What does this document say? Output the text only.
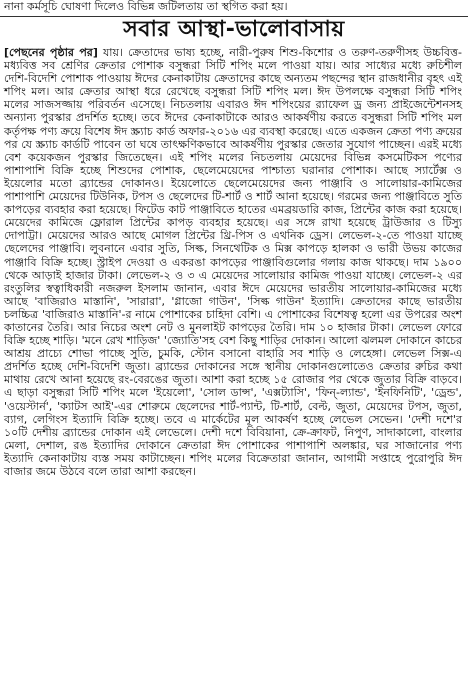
নানা কর্মসূচি ঘোষণা দিলেও বিভিন্ন জটিলতায় তা স্থগিত করা হয়।
সবার আস্থা-ভালোবাসায়
[পেছনের পৃষ্ঠার পর] যায়। ক্রেতাদের ভাষ্য হচ্ছে, নারী-পুরুষ শিশু-কিশোর ও তরুণ-তরুণীসহ উচ্চবিত্ত-মধ্যবিত্ত সব শ্রেণির ক্রেতার পোশাক বসুন্ধরা সিটি শপিং মলে পাওয়া যায়। আর সাধ্যের মধ্যে রুচিশীল দেশি-বিদেশি পোশাক পাওয়ায় ঈদের কেনাকাটায় ক্রেতাদের কাছে অন্যতম পছন্দের স্থান রাজধানীর বৃহৎ এই শপিং মল। আর ক্রেতার আস্থা ধরে রেখেছে বসুন্ধরা সিটি শপিং মল। ঈদ উপলক্ষে বসুন্ধরা সিটি শপিং মলের সাজসজ্জায় পরিবর্তন এসেছে। নিচতলায় এবারও ঈদ শপিংয়ের র‍্যাফেল ড্র জন্য প্রাইজেন্টেশনসহ অন্যান্য পুরস্কার প্রদর্শিত হচ্ছে। তবে ঈদের কেনাকাটাকে আরও আকর্ষণীয় করতে বসুন্ধরা সিটি শপিং মল কর্তৃপক্ষ পণ্য ক্রয়ে বিশেষ ঈদ স্ক্র্যাচ কার্ড অফার-২০১৬ এর ব্যবস্থা করেছে। এতে একজন ক্রেতা পণ্য ক্রয়ের পর যে স্ক্র্যাচ কার্ডটি পাবেন তা ঘষে তাৎক্ষণিকভাবে আকর্ষণীয় পুরস্কার জেতার সুযোগ পাচ্ছেন। এরই মধ্যে বেশ কয়েকজন পুরস্কার জিতেছেন। এই শপিং মলের নিচতলায় মেয়েদের বিভিন্ন কসমেটিকস পণ্যের পাশাপাশি বিক্রি হচ্ছে শিশুদের পোশাক, ছেলেমেয়েদের পাশ্চাত্য ঘরানার পোশাক। আছে স্যার্টেক্স ও ইয়েলোর মতো ব্র্যান্ডের দোকানও। ইয়েলোতে ছেলেমেয়েদের জন্য পাঞ্জাবি ও সালোয়ার-কামিজের পাশাপাশি মেয়েদের টিউনিক, টপস ও ছেলেদের টি-শার্ট ও শার্ট আনা হয়েছে। গরমের জন্য পাঞ্জাবিতে সুতি কাপড়ের ব্যবহার করা হয়েছে। ফিটেড কাট পাঞ্জাবিতে হাতের এমব্রয়ডারি কাজ, প্রিন্টের কাজ করা হয়েছে। মেয়েদের কামিজে ফ্লোরাল প্রিন্টের কাপড় ব্যবহার হয়েছে। এর সঙ্গে রাখা হয়েছে ট্রাউজার ও টিস্যু দোপাট্টা। মেয়েদের আরও আছে মোগল প্রিন্টের থ্রি-পিস ও এথনিক ড্রেস। লেভেল-২-তে পাওয়া যাচ্ছে ছেলেদের পাঞ্জাবি। লুবনানে এবার সুতি, সিল্ক, সিনথেটিক ও মিক্স কাপড়ে হালকা ও ভারী উভয় কাজের পাঞ্জাবি বিক্রি হচ্ছে। স্ট্রাইপ দেওয়া ও একরঙা কাপড়ের পাঞ্জাবিগুলোর গলায় কাজ থাকছে। দাম ১৯০০ থেকে আড়াই হাজার টাকা। লেভেল-২ ও ৩ এ মেয়েদের সালোয়ার কামিজ পাওয়া যাচ্ছে। লেভেল-২ এর রংতুলির স্বত্বাধিকারী নজরুল ইসলাম জানান, এবার ঈদে মেয়েদের ভারতীয় সালোয়ার-কামিজের মধ্যে আছে 'বাজিরাও মাস্তানি', 'সারারা', 'গ্লাজো গাউন', 'সিল্ক গাউন' ইত্যাদি। ক্রেতাদের কাছে ভারতীয় চলচ্চিত্র 'বাজিরাও মাস্তানি'-র নামে পোশাকের চাহিদা বেশি। এ পোশাকের বিশেষত্ব হলো এর উপরের অংশ কাতানের তৈরি। আর নিচের অংশ নেট ও মুনলাইট কাপড়ের তৈরি। দাম ১০ হাজার টাকা। লেভেল ফোরে বিক্রি হচ্ছে শাড়ি। 'মনে রেখ শাড়িজ' 'জ্যোতি'সহ বেশ কিছু শাড়ির দোকান। আলো ঝলমল দোকানে কাচের আশ্রয় প্রাচ্যে শোভা পাচ্ছে সুতি, চুমকি, স্টোন বসানো বাহারি সব শাড়ি ও লেহেঙ্গা। লেভেল সিক্স-এ প্রদর্শিত হচ্ছে দেশি-বিদেশি জুতা। ব্র্যান্ডের দোকানের সঙ্গে স্থানীয় দোকানগুলোতেও ক্রেতার রুচির কথা মাথায় রেখে আনা হয়েছে রং-বেরঙের জুতা। আশা করা হচ্ছে ১৫ রোজার পর থেকে জুতার বিক্রি বাড়বে। এ ছাড়া বসুন্ধরা সিটি শপিং মলে 'ইয়েলো', 'সোল ডান্স', 'এক্সট্যাসি', 'ফিন্‌-ল্যান্ড', 'ইনফিনিটি', 'ড্রেন্ড', 'ওয়েস্টার্ন', 'ক্যাটস আই'-এর শোরুমে ছেলেদের শার্ট-প্যান্ট, টি-শার্ট, বেল্ট, জুতা, মেয়েদের টপস, জুতা, ব্যাগ, লেগিংস ইত্যাদি বিক্রি হচ্ছে। তবে এ মার্কেটের মূল আকর্ষণ হচ্ছে লেভেল সেভেন। 'দেশী দশে'র ১০টি দেশীয় ব্র্যান্ডের দোকান এই লেভেলে। দেশী দশে বিবিয়ানা, ক্রে-ক্রাফট, নিপুণ, সাদাকালো, বাংলার মেলা, দেশাল, রঙ ইত্যাদির দোকানে ক্রেতারা ঈদ পোশাকের পাশাপাশি অলঙ্কার, ঘর সাজানোর পণ্য ইত্যাদি কেনাকাটায় ব্যস্ত সময় কাটাচ্ছেন। শপিং মলের বিক্রেতারা জানান, আগামী সপ্তাহে পুরোপুরি ঈদ বাজার জমে উঠবে বলে তারা আশা করছেন।
